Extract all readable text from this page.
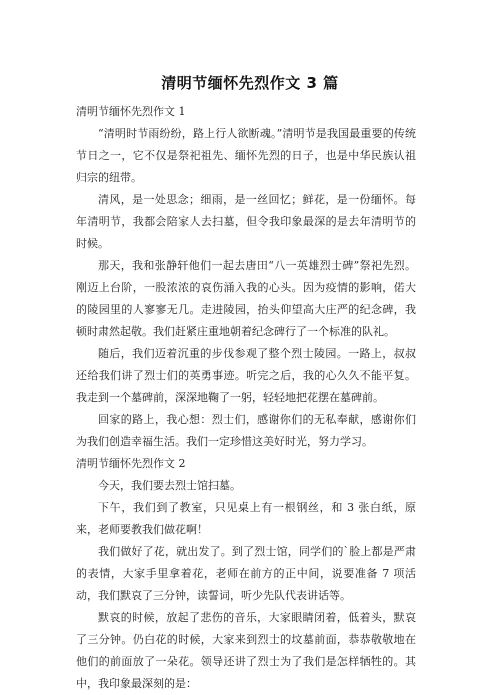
清明节缅怀先烈作文 3 篇

清明节缅怀先烈作文 1

“清明时节雨纷纷，路上行人欲断魂。”清明节是我国最重要的传统节日之一，它不仅是祭祀祖先、缅怀先烈的日子，也是中华民族认祖归宗的纽带。

清风，是一处思念；细雨，是一丝回忆；鲜花，是一份缅怀。每年清明节，我都会陪家人去扫墓，但令我印象最深的是去年清明节的时候。

那天，我和张静轩他们一起去唐田“八一英雄烈士碑”祭祀先烈。刚迈上台阶，一股浓浓的哀伤涌入我的心头。因为疫情的影响，偌大的陵园里的人寥寥无几。走进陵园，抬头仰望高大庄严的纪念碑，我顿时肃然起敬。我们赶紧庄重地朝着纪念碑行了一个标准的队礼。

随后，我们迈着沉重的步伐参观了整个烈士陵园。一路上，叔叔还给我们讲了烈士们的英勇事迹。听完之后，我的心久久不能平复。我走到一个墓碑前，深深地鞠了一躬，轻轻地把花摆在墓碑前。

回家的路上，我心想：烈士们，感谢你们的无私奉献，感谢你们为我们创造幸福生活。我们一定珍惜这美好时光，努力学习。

清明节缅怀先烈作文 2

今天，我们要去烈士馆扫墓。

下午，我们到了教室，只见桌上有一根钢丝，和 3 张白纸，原来，老师要教我们做花啊！

我们做好了花，就出发了。到了烈士馆，同学们的`脸上都是严肃的表情，大家手里拿着花，老师在前方的正中间，说要准备 7 项活动，我们默哀了三分钟，读誓词，听少先队代表讲话等。

默哀的时候，放起了悲伤的音乐，大家眼睛闭着，低着头，默哀了三分钟。仍白花的时候，大家来到烈士的坟墓前面，恭恭敬敬地在他们的前面放了一朵花。领导还讲了烈士为了我们是怎样牺牲的。其中，我印象最深刻的是：
